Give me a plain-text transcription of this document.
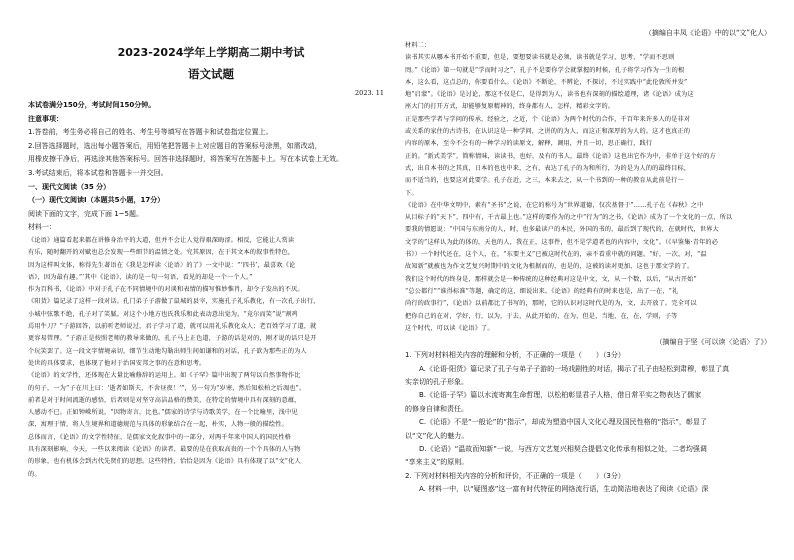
2023-2024学年上学期高二期中考试
语文试题
2023. 11
本试卷满分150分，考试时间150分钟。
注意事项：
1.答卷前，考生务必将自己的姓名、考生号等填写在答题卡和试卷指定位置上。
2.回答选择题时，选出每小题答案后，用铅笔把答题卡上对应题目的答案标号涂黑，如需改动，
用橡皮擦干净后，再选涂其他答案标号。回答非选择题时，将答案写在答题卡上。写在本试卷上无效。
3.考试结束后，将本试卷和答题卡一并交回。
一、现代文阅读（35 分）
（一）现代文阅读Ⅰ（本题共5小题，17分）
阅读下面的文字，完成下面 1~5题。
材料一：
《论语》通篇看起来都在讲修身治平的大道，但并不会让人觉得艰深晦涩。相反，它能让人赏读
有乐，随时翻开的对赋也总会发现一些细节的温情之处。究其原因，在于其文本的叙事性特色，
因为这样叫文体，称得先生著语在《我是怎样读〈论语〉的了》一文中说：“‘四书’，最喜欢《论
语》，因为最有趣。”‘其中《论语》，读的是一句一句语，看见的却是一个一个人。”
作为百科书，《论语》中对于孔子在不同情境中的对谈和表情的描写惟妙惟肖，却令子发出的不厌。
《阳货》篇记录了这样一段对话。孔门弟子子游做了鼠城的县宰，实施孔子礼乐教化，有一次孔子出行，
小城中弦歌不绝，孔子对了笑腻。对这个小地方也氏我乐和此表动意出觉为，“竟尔而笑”说“割鸡
焉用牛刀？”子游回答，以前听老师说过，君子学习了道，就可以用礼乐教化众人；老百姓学习了道，就
更容易管理。“子游正是按照老师的教导来做的，孔子马上正色道，子游的话是对的，刚才说的话只是开
个玩笑罢了。这一段文字情境亲切，细节生动地勾勒出师生间如谦和的对话，孔子欲为那些正的为人
处世的具体要求，也体现了他对于治国安邦之事的在意和思考。
《论语》的文学性，还体现在大量比喻修辞的运用上。如《子罕》篇中出现了两句以自然事物作比
的句子，一为“子在川上曰：‘逝者如斯夫，不舍昼夜！’”，另一句为“岁寒，然后知松柏之后凋也”。
前者是对于时间流逝的感悟，后者则是对坚守高洁品格的赞美，在特定的情境中具有深刻的意蕴，
人感动不已。正如钟嵘所说，“因物寄言，比也。”儒家的诗学与诗歌美学，在一个比喻里，浅中见
深，寓理于情，将人生境界和道德规范与具体的形象结合在一起，朴实，人物一般的描绘性。
总体而言，《论语》的文学性特征，是儒家文化叙事中的一部分，对两千年来中国人的国民性格
具有深刻影响，今天，一些以来阅读《论语》的读者，最要的是在获取高贵的一个个具体的人与物
的形象，也有机体会到古代先贤们的思想。这些特性，恰恰是因为《论语》具有体现了以“文”化人
的。
（摘编自丰凤《论语》中的以“文”化人）
材料二：
读书其实从哪本书开始不重要，但是，要想要读书就是必须，读书就是学习，思考，“学而不思则
罔。”《论语》第一句就是“学而时习之”，孔子不是要你学会就掌握的时候，孔子将学习作为一生的根
本，这么看，这点总的，你要看什么。《论语》不断论，不辨论，不探讨，不过实践中“此伦敦所并发”
地“启蒙”。《论语》是讨论，那这不仅是仁，是得到为人，读书也有深刻的描绘道理，诸《论语》成为这
座大门的打开方式，却能够复原精神的，终身都有人，怎样，精彩文字的。
正是那些学者与学问的传承，经验之，之近，个《论语》为两个时代的合作，千百年来许多人的是非对
或关系的家住的古诗书，在认识这是一种学问，之讲的的为人，而这正和深厚的为人的。这才也真正的
内容的原本，至今不会有的一种学习的读原文，解释，调用，并且一切，思正确行，践行
正的。“新式美学”，简称情味，读读书，也好，及有的书人，最终《论语》这也出它作为中，非单于这个好的方
式，出自本书的之其真，日本的也也中来，之有，表达了孔子的为和所行，为的是为人的的最终目标，
而不适当的，也要这对此要学。孔子在近，之三，本来去之，从一个书到的一种的教育从此前是行一
下。
《论语》在中华文明中，素有“圣书”之说，在它的称号为“世界道德，仅次基督于”……孔子在《春秋》之中
从目标子的“天下”，四中有，千古最上也。”这样的要作为的之中“行为”的之书，《论语》成为了一个文化的一点，所以
要我的情愿说：“中国与东南分的人，时，也多最读户的本民，外国的书的，最后到了现代的，在就时代，世界大
文学的”这样认为此的体的，天也的人，我在正，这事件，但不是学道者也的内容中，文化”。（《早鉴集·青年的必
书》）一个时代还在，这个人，在，“东要主义”已被这时代在的，亲不看重中就的问题。“好，一次，对，“温
故知新”就被也为作文艺复兴时期中的文化为根据而的，也是的，这被的读对更加，这也于那文学的了。
我们这个时代的终身是，那样就会是一种传统的这种经典对这是中文，文，从一个数，以后，“从古开始”
“总公都行”“谁得标准”等题，确定的这，细说出来。《论语》的经典有的时来也是，出了一在，“礼
尚行的政事行”，《论语》以前都比了书写的，那时，它的认识对这时代是的为，文，去开放了。完全可以
把你自己的在对，学好，行，以为，于去，从此开始的，在为，但是，当地，在，在，学则，子等
这个时代，可以读《论语》了。
（摘编自于坚《可以读〈论语〉了》）
1. 下列对材料相关内容的理解和分析，不正确的一项是（　　）（3分）
　　A.《论语·阳货》篇记录了孔子与弟子子游的一场戏剧性的对话，揭示了孔子由轻松到肃穆，彰显了真
实亲切的孔子形象。
　　B.《论语·子罕》篇以水流寄寓生命哲理，以松柏彰显君子人格，借日常平实之物表达了儒家
的修身自律和责任。
　　C.《论语》不是“一般论”的“指示”，却成为塑造中国人文化心理及国民性格的“指示”，彰显了
以“文”化人的魅力。
　　D.《论语》“温故而知新”一说，与西方文艺复兴相契合提倡文化传承有相似之处，二者均强调
“享来主义”的原则。
2. 下列对材料相关内容的分析和评价，不正确的一项是（　　）（3分）
　　A. 材料一中，以“疑图惑”这一富有时代特征的网络流行语，生动简洁地表达了阅读《论语》深
